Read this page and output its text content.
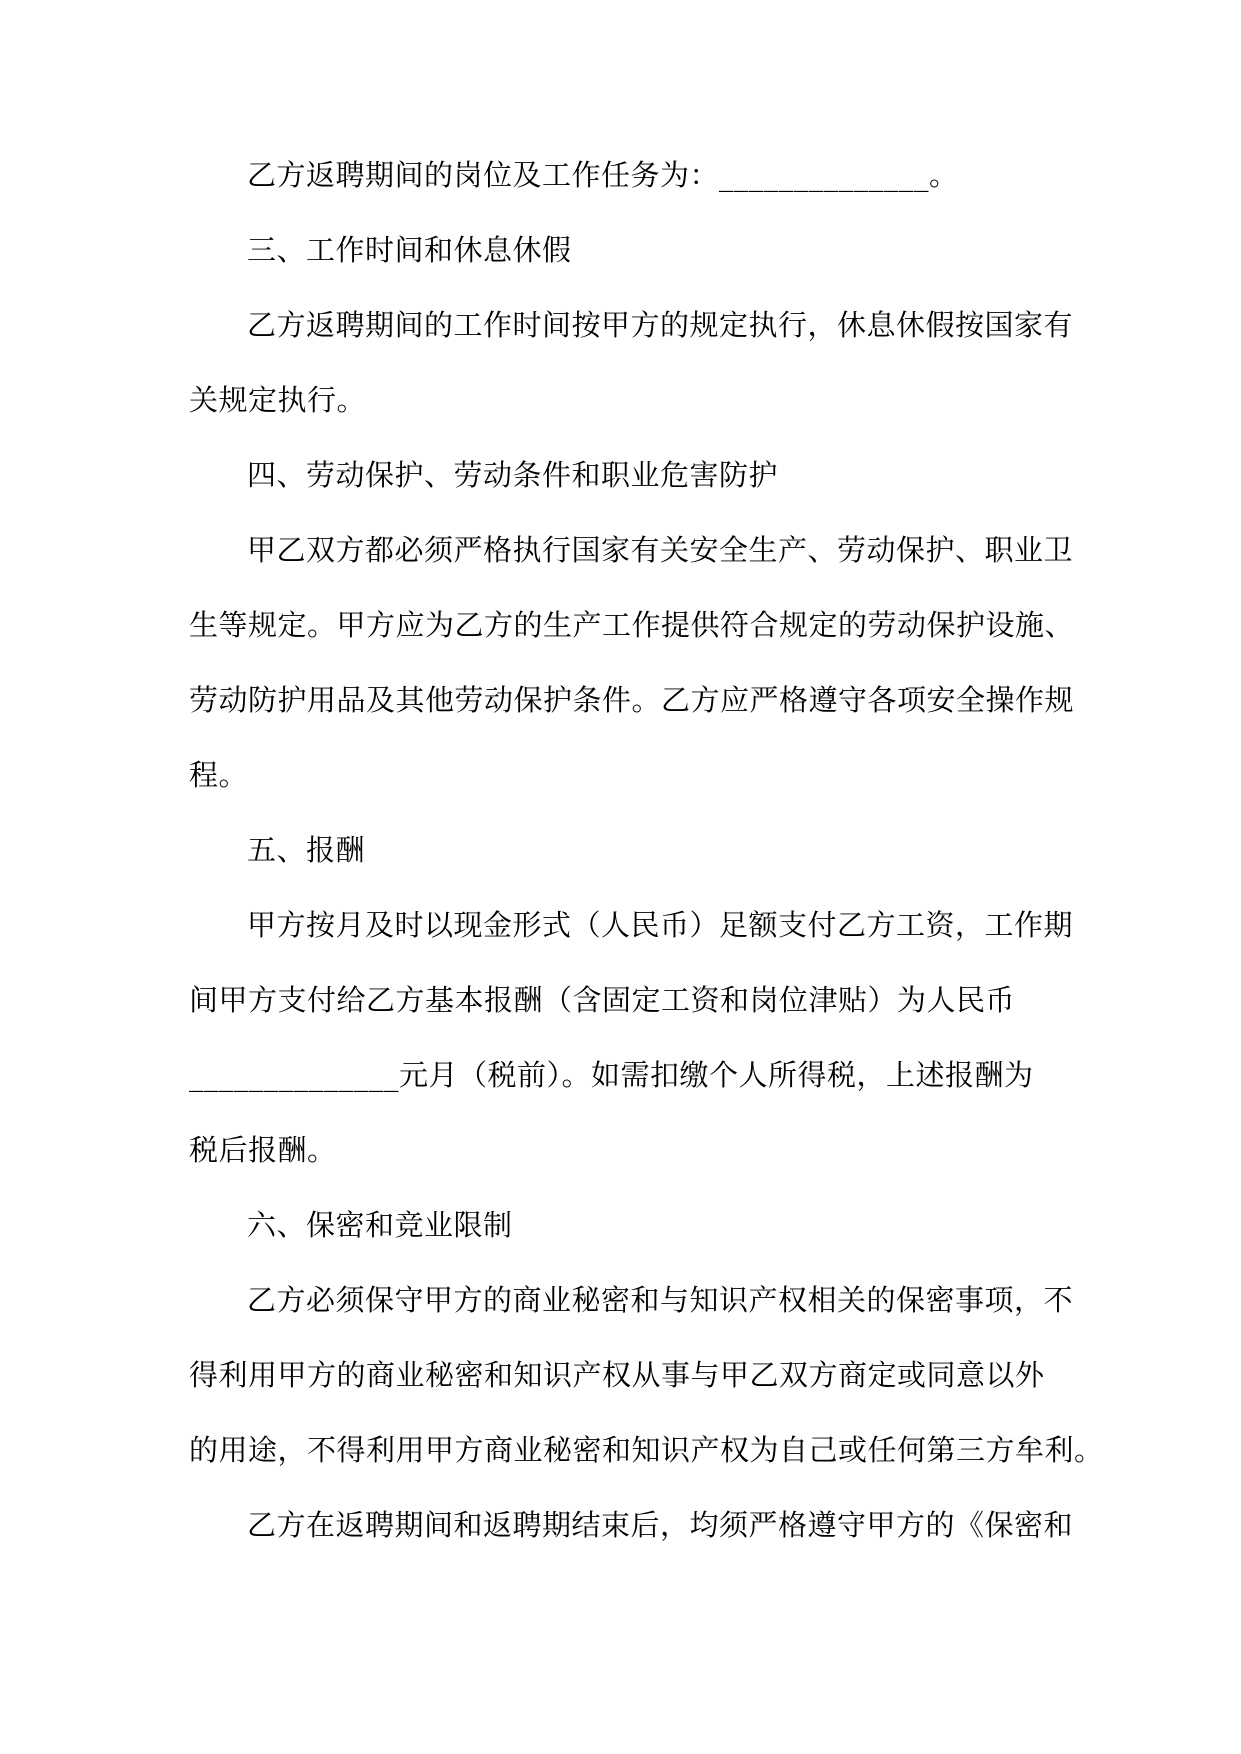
乙方返聘期间的岗位及工作任务为：______________。
三、工作时间和休息休假
乙方返聘期间的工作时间按甲方的规定执行，休息休假按国家有
关规定执行。
四、劳动保护、劳动条件和职业危害防护
甲乙双方都必须严格执行国家有关安全生产、劳动保护、职业卫
生等规定。甲方应为乙方的生产工作提供符合规定的劳动保护设施、
劳动防护用品及其他劳动保护条件。乙方应严格遵守各项安全操作规
程。
五、报酬
甲方按月及时以现金形式（人民币）足额支付乙方工资，工作期
间甲方支付给乙方基本报酬（含固定工资和岗位津贴）为人民币
______________元月（税前）。如需扣缴个人所得税，上述报酬为
税后报酬。
六、保密和竞业限制
乙方必须保守甲方的商业秘密和与知识产权相关的保密事项，不
得利用甲方的商业秘密和知识产权从事与甲乙双方商定或同意以外
的用途，不得利用甲方商业秘密和知识产权为自己或任何第三方牟利。
乙方在返聘期间和返聘期结束后，均须严格遵守甲方的《保密和
